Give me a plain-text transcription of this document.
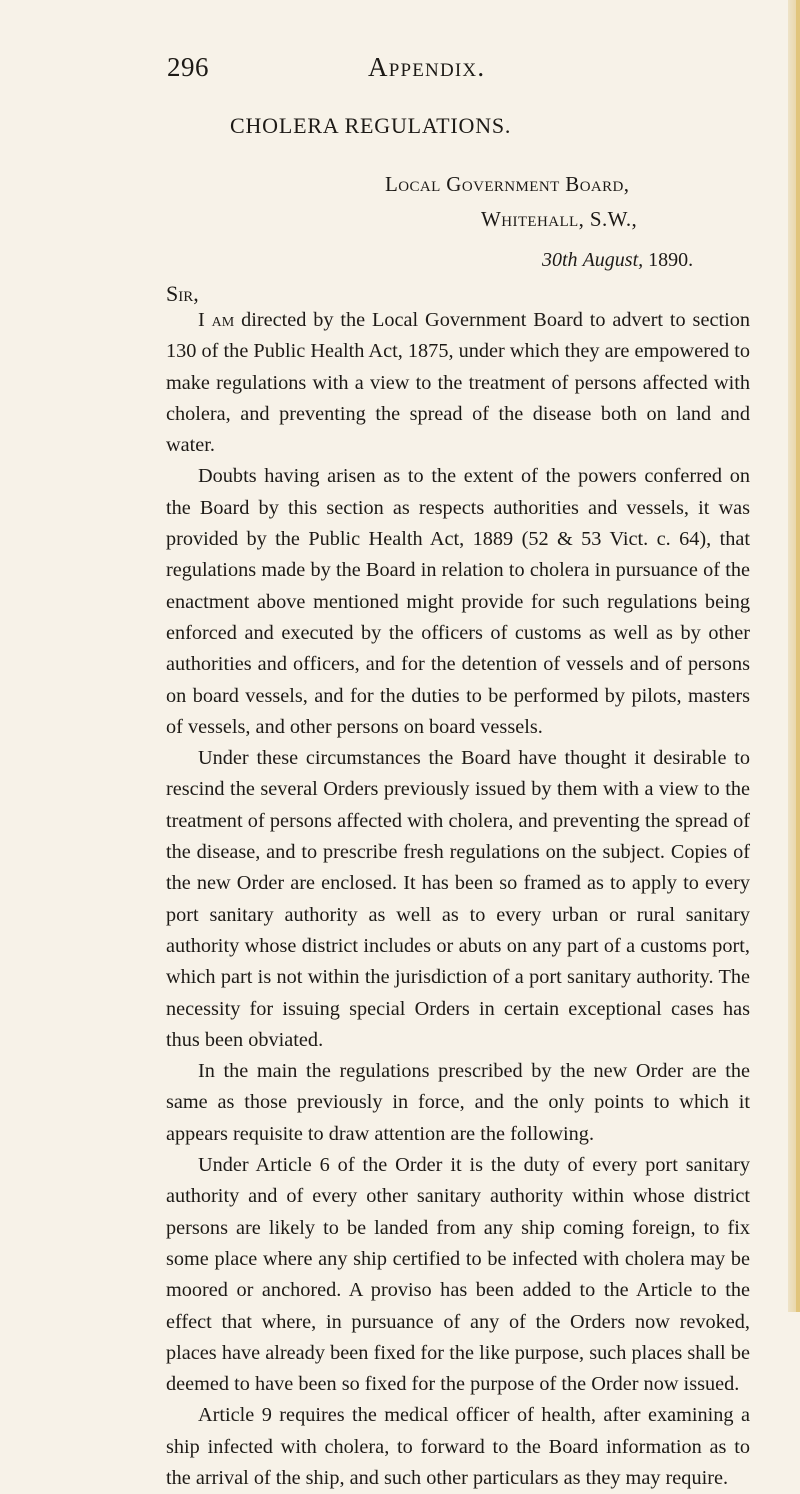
296	Appendix.
CHOLERA REGULATIONS.
Local Government Board,
Whitehall, S.W.,
30th August, 1890.
Sir,

I am directed by the Local Government Board to advert to section 130 of the Public Health Act, 1875, under which they are empowered to make regulations with a view to the treatment of persons affected with cholera, and preventing the spread of the disease both on land and water.

Doubts having arisen as to the extent of the powers conferred on the Board by this section as respects authorities and vessels, it was provided by the Public Health Act, 1889 (52 & 53 Vict. c. 64), that regulations made by the Board in relation to cholera in pursuance of the enactment above mentioned might provide for such regulations being enforced and executed by the officers of customs as well as by other authorities and officers, and for the detention of vessels and of persons on board vessels, and for the duties to be performed by pilots, masters of vessels, and other persons on board vessels.

Under these circumstances the Board have thought it desirable to rescind the several Orders previously issued by them with a view to the treatment of persons affected with cholera, and preventing the spread of the disease, and to prescribe fresh regulations on the subject. Copies of the new Order are enclosed. It has been so framed as to apply to every port sanitary authority as well as to every urban or rural sanitary authority whose district includes or abuts on any part of a customs port, which part is not within the jurisdiction of a port sanitary authority. The necessity for issuing special Orders in certain exceptional cases has thus been obviated.

In the main the regulations prescribed by the new Order are the same as those previously in force, and the only points to which it appears requisite to draw attention are the following.

Under Article 6 of the Order it is the duty of every port sanitary authority and of every other sanitary authority within whose district persons are likely to be landed from any ship coming foreign, to fix some place where any ship certified to be infected with cholera may be moored or anchored. A proviso has been added to the Article to the effect that where, in pursuance of any of the Orders now revoked, places have already been fixed for the like purpose, such places shall be deemed to have been so fixed for the purpose of the Order now issued.

Article 9 requires the medical officer of health, after examining a ship infected with cholera, to forward to the Board information as to the arrival of the ship, and such other particulars as they may require.
